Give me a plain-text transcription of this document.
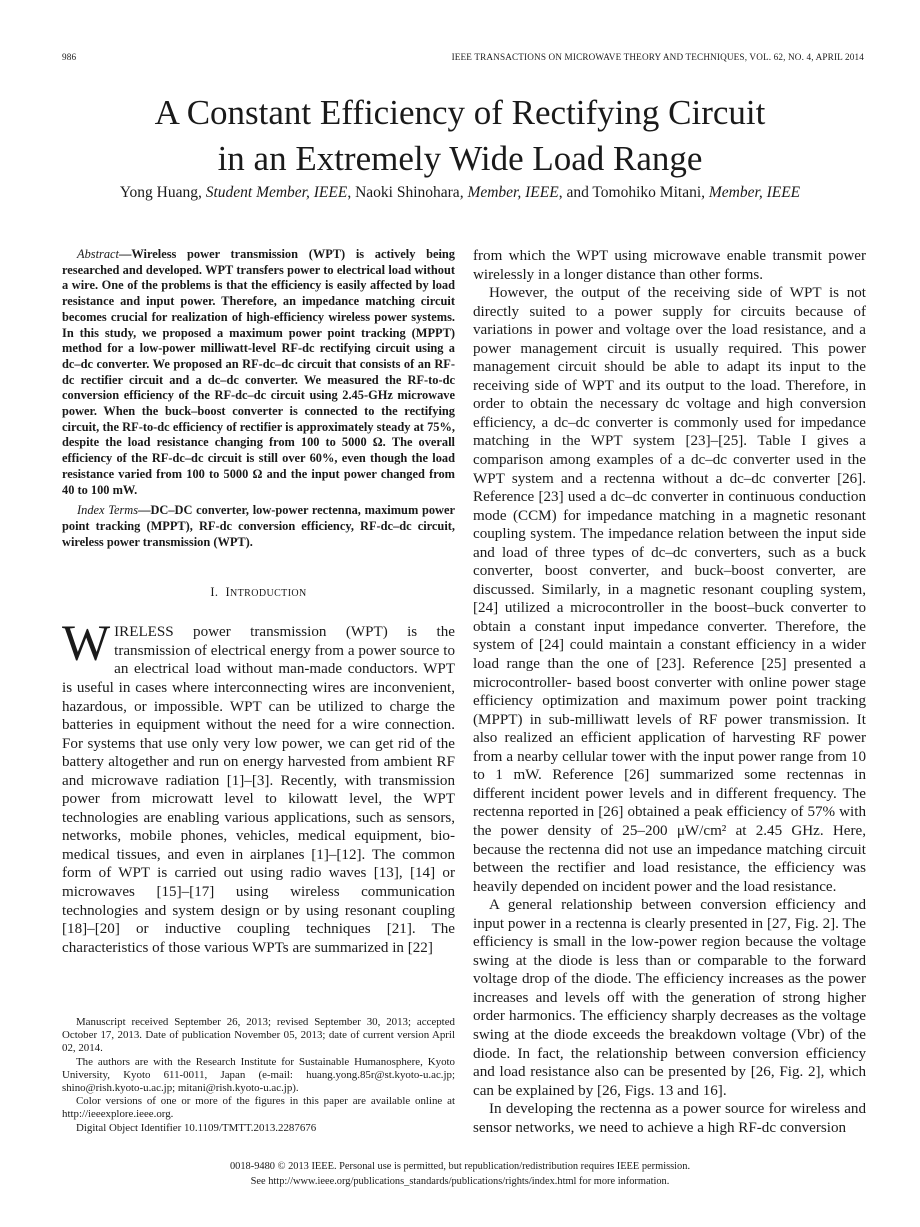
986	IEEE TRANSACTIONS ON MICROWAVE THEORY AND TECHNIQUES, VOL. 62, NO. 4, APRIL 2014
A Constant Efficiency of Rectifying Circuit
in an Extremely Wide Load Range
Yong Huang, Student Member, IEEE, Naoki Shinohara, Member, IEEE, and Tomohiko Mitani, Member, IEEE

Abstract—Wireless power transmission (WPT) is actively being researched and developed. WPT transfers power to electrical load without a wire. One of the problems is that the efficiency is easily affected by load resistance and input power. Therefore, an impedance matching circuit becomes crucial for realization of high-efficiency wireless power systems. In this study, we proposed a maximum power point tracking (MPPT) method for a low-power milliwatt-level RF-dc rectifying circuit using a dc–dc converter. We proposed an RF-dc–dc circuit that consists of an RF-dc rectifier circuit and a dc–dc converter. We measured the RF-to-dc conversion efficiency of the RF-dc–dc circuit using 2.45-GHz microwave power. When the buck–boost converter is connected to the rectifying circuit, the RF-to-dc efficiency of rectifier is approximately steady at 75%, despite the load resistance changing from 100 to 5000 Ω. The overall efficiency of the RF-dc–dc circuit is still over 60%, even though the load resistance varied from 100 to 5000 Ω and the input power changed from 40 to 100 mW.

Index Terms—DC–DC converter, low-power rectenna, maximum power point tracking (MPPT), RF-dc conversion efficiency, RF-dc–dc circuit, wireless power transmission (WPT).

I. INTRODUCTION

WIRELESS power transmission (WPT) is the transmission of electrical energy from a power source to an electrical load without man-made conductors. WPT is useful in cases where interconnecting wires are inconvenient, hazardous, or impossible. WPT can be utilized to charge the batteries in equipment without the need for a wire connection. For systems that use only very low power, we can get rid of the battery altogether and run on energy harvested from ambient RF and microwave radiation [1]–[3]. Recently, with transmission power from microwatt level to kilowatt level, the WPT technologies are enabling various applications, such as sensors, networks, mobile phones, vehicles, medical equipment, bio-medical tissues, and even in airplanes [1]–[12]. The common form of WPT is carried out using radio waves [13], [14] or microwaves [15]–[17] using wireless communication technologies and system design or by using resonant coupling [18]–[20] or inductive coupling techniques [21]. The characteristics of those various WPTs are summarized in [22]

Manuscript received September 26, 2013; revised September 30, 2013; accepted October 17, 2013. Date of publication November 05, 2013; date of current version April 02, 2014.

The authors are with the Research Institute for Sustainable Humanosphere, Kyoto University, Kyoto 611-0011, Japan (e-mail: huang.yong.85r@st.kyoto-u.ac.jp; shino@rish.kyoto-u.ac.jp; mitani@rish.kyoto-u.ac.jp).

Color versions of one or more of the figures in this paper are available online at http://ieeexplore.ieee.org.

Digital Object Identifier 10.1109/TMTT.2013.2287676

from which the WPT using microwave enable transmit power wirelessly in a longer distance than other forms.

However, the output of the receiving side of WPT is not directly suited to a power supply for circuits because of variations in power and voltage over the load resistance, and a power management circuit is usually required. This power management circuit should be able to adapt its input to the receiving side of WPT and its output to the load. Therefore, in order to obtain the necessary dc voltage and high conversion efficiency, a dc–dc converter is commonly used for impedance matching in the WPT system [23]–[25]. Table I gives a comparison among examples of a dc–dc converter used in the WPT system and a rectenna without a dc–dc converter [26]. Reference [23] used a dc–dc converter in continuous conduction mode (CCM) for impedance matching in a magnetic resonant coupling system. The impedance relation between the input side and load of three types of dc–dc converters, such as a buck converter, boost converter, and buck–boost converter, are discussed. Similarly, in a magnetic resonant coupling system, [24] utilized a microcontroller in the boost–buck converter to obtain a constant input impedance converter. Therefore, the system of [24] could maintain a constant efficiency in a wider load range than the one of [23]. Reference [25] presented a microcontroller- based boost converter with online power stage efficiency optimization and maximum power point tracking (MPPT) in sub-milliwatt levels of RF power transmission. It also realized an efficient application of harvesting RF power from a nearby cellular tower with the input power range from 10 to 1 mW. Reference [26] summarized some rectennas in different incident power levels and in different frequency. The rectenna reported in [26] obtained a peak efficiency of 57% with the power density of 25–200 μW/cm² at 2.45 GHz. Here, because the rectenna did not use an impedance matching circuit between the rectifier and load resistance, the efficiency was heavily depended on incident power and the load resistance.

A general relationship between conversion efficiency and input power in a rectenna is clearly presented in [27, Fig. 2]. The efficiency is small in the low-power region because the voltage swing at the diode is less than or comparable to the forward voltage drop of the diode. The efficiency increases as the power increases and levels off with the generation of strong higher order harmonics. The efficiency sharply decreases as the voltage swing at the diode exceeds the breakdown voltage (Vbr) of the diode. In fact, the relationship between conversion efficiency and load resistance also can be presented by [26, Fig. 2], which can be explained by [26, Figs. 13 and 16].

In developing the rectenna as a power source for wireless and sensor networks, we need to achieve a high RF-dc conversion

0018-9480 © 2013 IEEE. Personal use is permitted, but republication/redistribution requires IEEE permission.
See http://www.ieee.org/publications_standards/publications/rights/index.html for more information.
